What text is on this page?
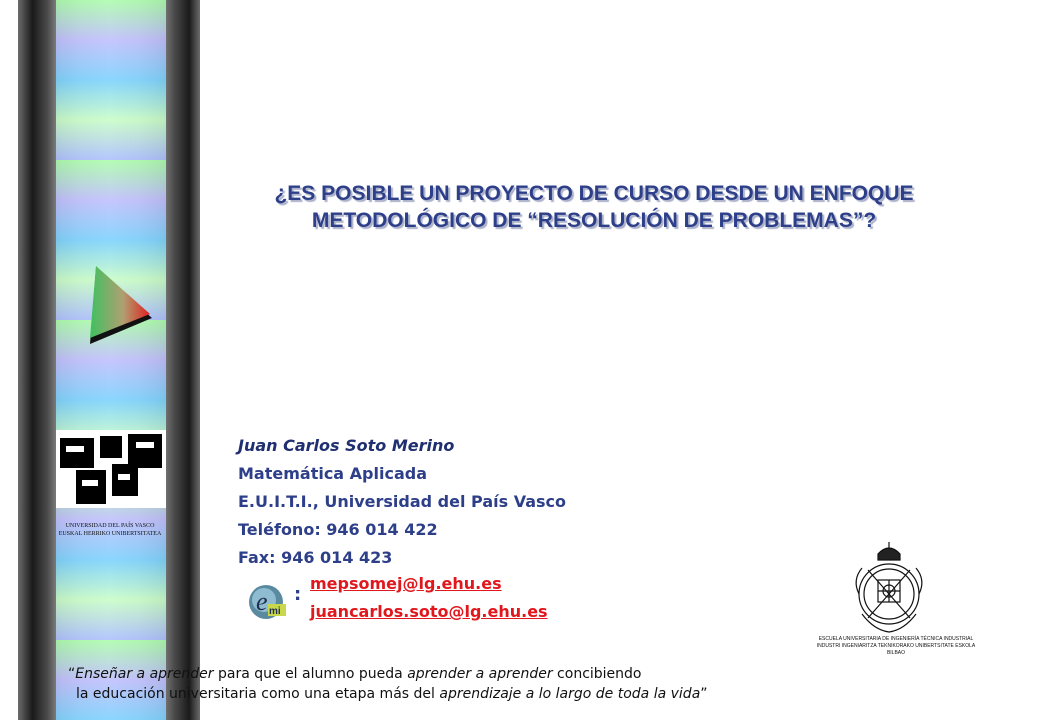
¿ES POSIBLE UN PROYECTO DE CURSO DESDE UN ENFOQUE
METODOLÓGICO DE “RESOLUCIÓN DE PROBLEMAS”?
UNIVERSIDAD DEL PAÍS VASCO
EUSKAL HERRIKO UNIBERTSITATEA
Juan Carlos Soto Merino
Matemática Aplicada
E.U.I.T.I., Universidad del País Vasco
Teléfono: 946 014 422
Fax: 946 014 423
e mi
:
mepsomej@lg.ehu.es
juancarlos.soto@lg.ehu.es
ESCUELA UNIVERSITARIA DE INGENIERÍA TÉCNICA INDUSTRIAL
INDUSTRI INGENIARITZA TEKNIKORAKO UNIBERTSITATE ESKOLA
BILBAO
“Enseñar a aprender para que el alumno pueda aprender a aprender concibiendo
la educación universitaria como una etapa más del aprendizaje a lo largo de toda la vida”
